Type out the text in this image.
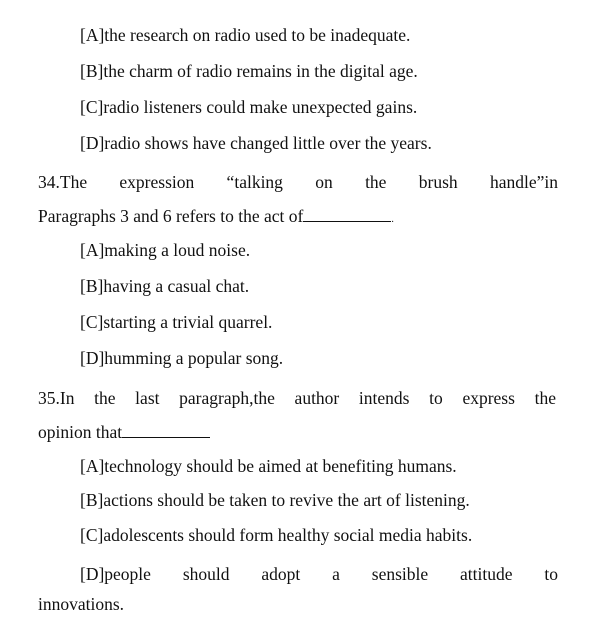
[A]the research on radio used to be inadequate.
[B]the charm of radio remains in the digital age.
[C]radio listeners could make unexpected gains.
[D]radio shows have changed little over the years.
34.The expression “talking on the brush handle”in
Paragraphs 3 and 6 refers to the act of	.
[A]making a loud noise.
[B]having a casual chat.
[C]starting a trivial quarrel.
[D]humming a popular song.
35.In the last paragraph,the author intends to express the
opinion that
[A]technology should be aimed at benefiting humans.
[B]actions should be taken to revive the art of listening.
[C]adolescents should form healthy social media habits.
[D]people should adopt a sensible attitude to
innovations.
